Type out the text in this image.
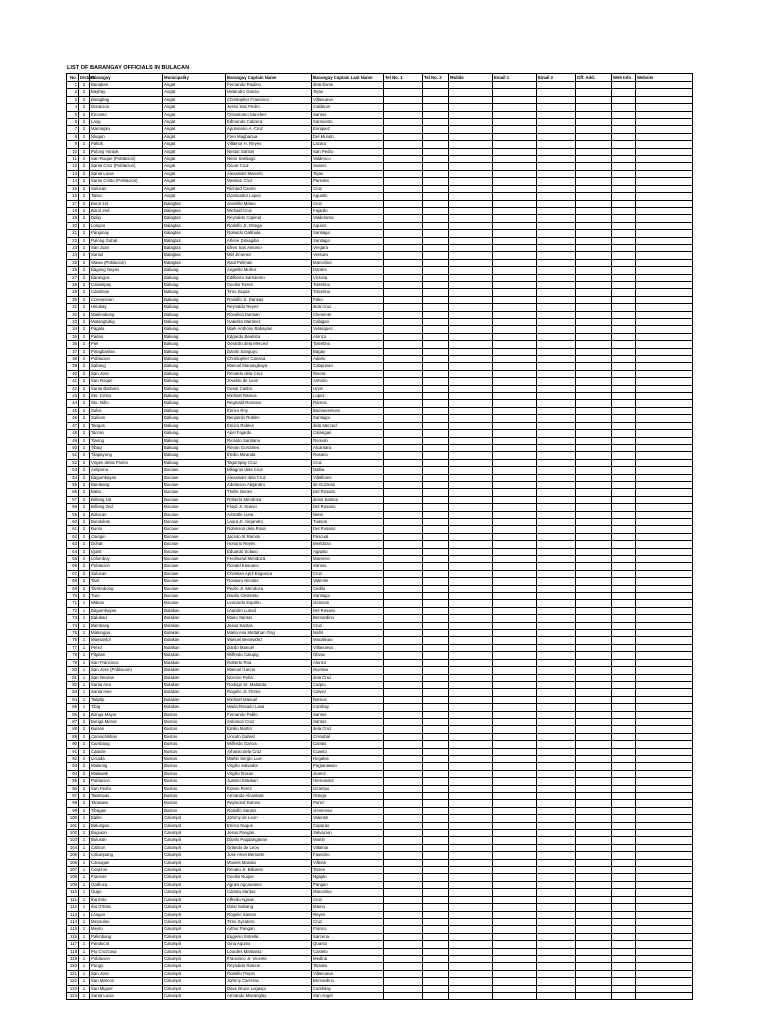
LIST OF BARANGAY OFFICIALS IN BULACAN
No.	District	Barangay	Municipality	Barangay Captain Name	Barangay Captain Last Name	Tel No. 1	Tel No. 2	Mobile	Email 1	Email 2	Off. Add.	Web Info	Website
1	2	Banaban	Angat	Fernando Paulino	dela Esme								
2	2	Baybay	Angat	Melandro Garcia	Tejas								
3	2	Binagbag	Angat	Christopher Francisco	Villanueva								
4	2	Donacion	Angat	Jesse San Pedro	Calderon								
5	2	Encanto	Angat	Crisostomo Sanchez	Santos								
6	2	Laog	Angat	Edmundo Cabrera	Sarmiento								
7	2	Marungko	Angat	Apolonario A. Cruz	Enriquez								
8	2	Niugan	Angat	Fren Magbanua	Del Mundo								
9	2	Paltok	Angat	Villamor H. Reyes	Lazaro								
10	2	Pulong Yantok	Angat	Nestor Santos	San Pedro								
11	2	San Roque (Poblacion)	Angat	Nerio Santiago	Valdenco								
12	2	Santa Cruz (Poblacion)	Angat	Oscar Cruz	Suarez								
13	2	Santa Lucia	Angat	Alexander Marcelo	Tejas								
14	2	Santo Cristo (Poblacion)	Angat	Mention Cruz	Paredes								
15	2	Sulucan	Angat	Richard Castro	Cruz								
16	2	Taboc	Angat	Dominador Lopez	Agustin								
17	2	Borol 1st	Balagtas	Josielito Mateo	Cruz								
18	2	Borol 2nd	Balagtas	Michael Cruz	Fajardo								
19	2	Dalig	Balagtas	Reynaldo Capinid	Valderama								
20	2	Longos	Balagtas	Rodolfo Jr. Ortega	Aquino								
21	2	Panginay	Balagtas	Rolando Gabbula	Santiago								
22	2	Pulong Gubat	Balagtas	Arlene Dimagiba	Santiago								
23	2	San Juan	Balagtas	Efren San Antonio	Vergara								
24	2	Santol	Balagtas	Mel Jimenez	Ventura								
25	2	Wawa (Poblacion)	Balagtas	Raul Peliman	Marcelino								
26	2	Bagong Nayon	Baliuag	Angelito Muñoz	Dantes								
27	2	Barangca	Baliuag	Edilberto Sarmiento	Victoria								
28	2	Calantipay	Baliuag	Cecilia Torres	Tolentino								
29	2	Catulinan	Baliuag	Tirso Siquia	Tolentino								
30	2	Concepcion	Baliuag	Rodolfo Jr. Dansay	Pako								
31	2	Hinukay	Baliuag	Reynaldo Reyes	dela Cruz								
32	2	Makinabang	Baliuag	Rosalina Damian	Clemente								
33	2	Matangtubig	Baliuag	Isabelito Martinez	Cabigao								
34	2	Pagala	Baliuag	Mark Anthony Babaylan	Velasquez								
35	2	Paitan	Baliuag	Edgardo Bautista	Alonzo								
36	2	Piel	Baliuag	Gerardo dela Merced	Tolentino								
37	2	Pinagbarilan	Baliuag	Danilo Sanguyo	Bagay								
38	2	Poblacion	Baliuag	Christopher Canasa	Adarlo								
39	2	Sabang	Baliuag	Manuel Manangbaya	Cabpunan								
40	2	San Jose	Baliuag	Renaldo dela Cruz	Rivera								
41	2	San Roque	Baliuag	Jovelito de Leon	Antonio								
42	2	Santa Barbara	Baliuag	Cesar Castro	Urvis								
43	2	Sto. Cristo	Baliuag	Michael Ramos	Lopez								
44	2	Sto. Niño	Baliuag	Reginald Romano	Ramos								
45	2	Subic	Baliuag	Enrico Roy	Buenaventura								
46	2	Sulivan	Baliuag	Benjamin Robles	Santiago								
47	2	Tangos	Baliuag	Enrico Robles	dela Merced								
48	2	Tarcan	Baliuag	Ariel Fajardo	Calangan								
49	2	Tiaong	Baliuag	Ricardo Santiano	Romulo								
50	2	Tibag	Baliuag	Renan Gonzales	Alcantara								
51	2	Tilapayong	Baliuag	Emilio Miranda	Rosario								
52	2	Virgen delas Flores	Baliuag	Tagumpay Cruz	Cruz								
53	2	Antipona	Bocaue	Milagros dela Cruz	Dalba								
54	2	Bagumbayan	Bocaue	Alexander dela Cruz	Villaflores								
55	2	Bambang	Bocaue	Adelacion Alejandro	de Guzman								
56	2	Batia	Bocaue	Thirlie Nunez	Del Rosario								
57	2	Biñang 1st	Bocaue	Roberto Mendoza	delos Santos								
58	2	Biñang 2nd	Bocaue	Floyd Jr. Nuevo	Del Rosario								
59	2	Bolacan	Bocaue	Aristotle Luna	Nieto								
60	2	Bundukan	Bocaue	Laura Jr. Alejandro	Tuason								
61	2	Bunlo	Bocaue	Robinson dela Rosa	Del Rosario								
62	2	Caingin	Bocaue	Jacinto III Ramos	Pascual								
63	2	Duhat	Bocaue	Honorio Reyes	Mendoza								
64	2	Igulot	Bocaue	Eduardo Solano	Agapito								
65	2	Lolomboy	Bocaue	Ferdinand Mendoza	Marsene								
66	2	Poblacion	Bocaue	Ronald Kasuano	Santos								
67	2	Sulucan	Bocaue	Christian April Esguerra	Cruz								
68	2	Taal	Bocaue	Rosauro Nicolas	Valentin								
69	2	Tambobong	Bocaue	Pedro Jr. Mendoza	Cedilo								
70	2	Turo	Bocaue	Danilo Clemente	Santiago								
71	1	Wakas	Bocaue	Leonardo Espiritu	Gemson								
72	1	Bagumbayan	Bulakan	Leandro Lunod	Del Rosario								
73	1	Balubad	Bulakan	Mario Santos	Bernardino								
74	1	Bambang	Bulakan	Jesus Santos	Cruz								
75	1	Matungao	Bulakan	Maria Ana Mettahan Ong	Nafril								
76	1	Maysantol	Bulakan	Manuel Benavidez	Macalinao								
77	1	Perez	Bulakan	Dardo Manuel	Villanueva								
78	1	Pitpitan	Bulakan	Wilfredo Calupig	Olivas								
79	1	San Francisco	Bulakan	Roberto Roa	Alonzo								
80	1	San Jose (Poblacion)	Bulakan	Manuel Garcia	Dionisio								
81	1	San Nicolas	Bulakan	Norciso Peña	dela Cruz								
82	1	Santa Ana	Bulakan	Rodrigo Sr. Mabanta	Carpio								
83	1	Santa Ines	Bulakan	Rogelio Jr. Flores	Calvez								
84	1	Taliptip	Bulakan	Michael Manuel	Ramos								
85	1	Tibig	Bulakan	Maria Rosario Lava	Cambay								
86	2	Bonga Mayor	Bustos	Fernando Pablo	Santos								
87	2	Bonga Menor	Bustos	Solomon Cruz	Santos								
88	2	Buisan	Bustos	Emilio Martin	dela Cruz								
89	2	Camachilihan	Bustos	Lincoln Galvez	Cristobal								
90	2	Cambaog	Bustos	Wilfredo Garcia	Canlas								
91	2	Catacte	Bustos	Arhanio dela Cruz	Cuanto								
92	2	Liciada	Bustos	Martin Sergio Luis	Regalas								
93	2	Malamig	Bustos	Virgilio Salvador	Pagtanawan								
94	2	Malawak	Bustos	Virgilio Roxas	Juarez								
95	2	Poblacion	Bustos	Juanito Esteban	Hernandez								
96	2	San Pedro	Bustos	Eranio Perez	Ocampo								
97	2	Talampas	Bustos	Armando Alcantara	Ortega								
98	2	Tanawan	Bustos	Raymond Ramos	Perez								
99	2	Tibagan	Bustos	Rodolfo Santos	Generoso								
100	1	Balite	Calumpit	Johnny de Leon	Valentin								
101	1	Balungao	Calumpit	Enrico Nuque	Caparas								
102	1	Buguion	Calumpit	Jesus Pangan	Salvacion								
103	1	Bulusan	Calumpit	Danilo Pagdanganan	Martin								
104	1	Calizon	Calumpit	Orlando de Leon	Villamar								
105	1	Calumpang	Calumpit	Jose Amel Bernarte	Faustino								
106	1	Caniogan	Calumpit	Moises Manalo	Villena								
107	1	Corazon	Calumpit	Renato Jr. Billones	Torres								
108	1	Frances	Calumpit	Cecilia Nuque	Ngajan								
109	1	Gatbuca	Calumpit	Agnes Agcaoanes	Pangan								
110	1	Gugo	Calumpit	Carlota Santos	Marcelino								
111	1	Iba Este	Calumpit	Alfredo Aguas	Cruz								
112	1	Iba O'Este	Calumpit	Dalsi Gabang	Mamo								
113	1	Longos	Calumpit	Rogelio Santos	Reyes								
114	1	Meysulao	Calumpit	Tirso Sycatero	Cruz								
115	1	Meyto	Calumpit	Arthur Pangan	Franco								
116	1	Palimbang	Calumpit	Eugenio Estrella	Sarcena								
117	1	Panducot	Calumpit	Gina Aquino	Quanto								
118	1	Pio Cruzcosa	Calumpit	Lourdes Mantaraz	Castelo								
119	1	Poblacion	Calumpit	Francisco Jr. Vicente	Medina								
120	1	Pungo	Calumpit	Reynaldo Ramos	Tamala								
121	1	San Jose	Calumpit	Rodolfo Pinpin	Villanueva								
122	1	San Marcos	Calumpit	Johnny Carreras	Bernardino								
123	1	San Miguel	Calumpit	Dave Bruce Legaspi	Cambilay								
124	1	Santa Lucia	Calumpit	Armando Macanglay	San Angel								
